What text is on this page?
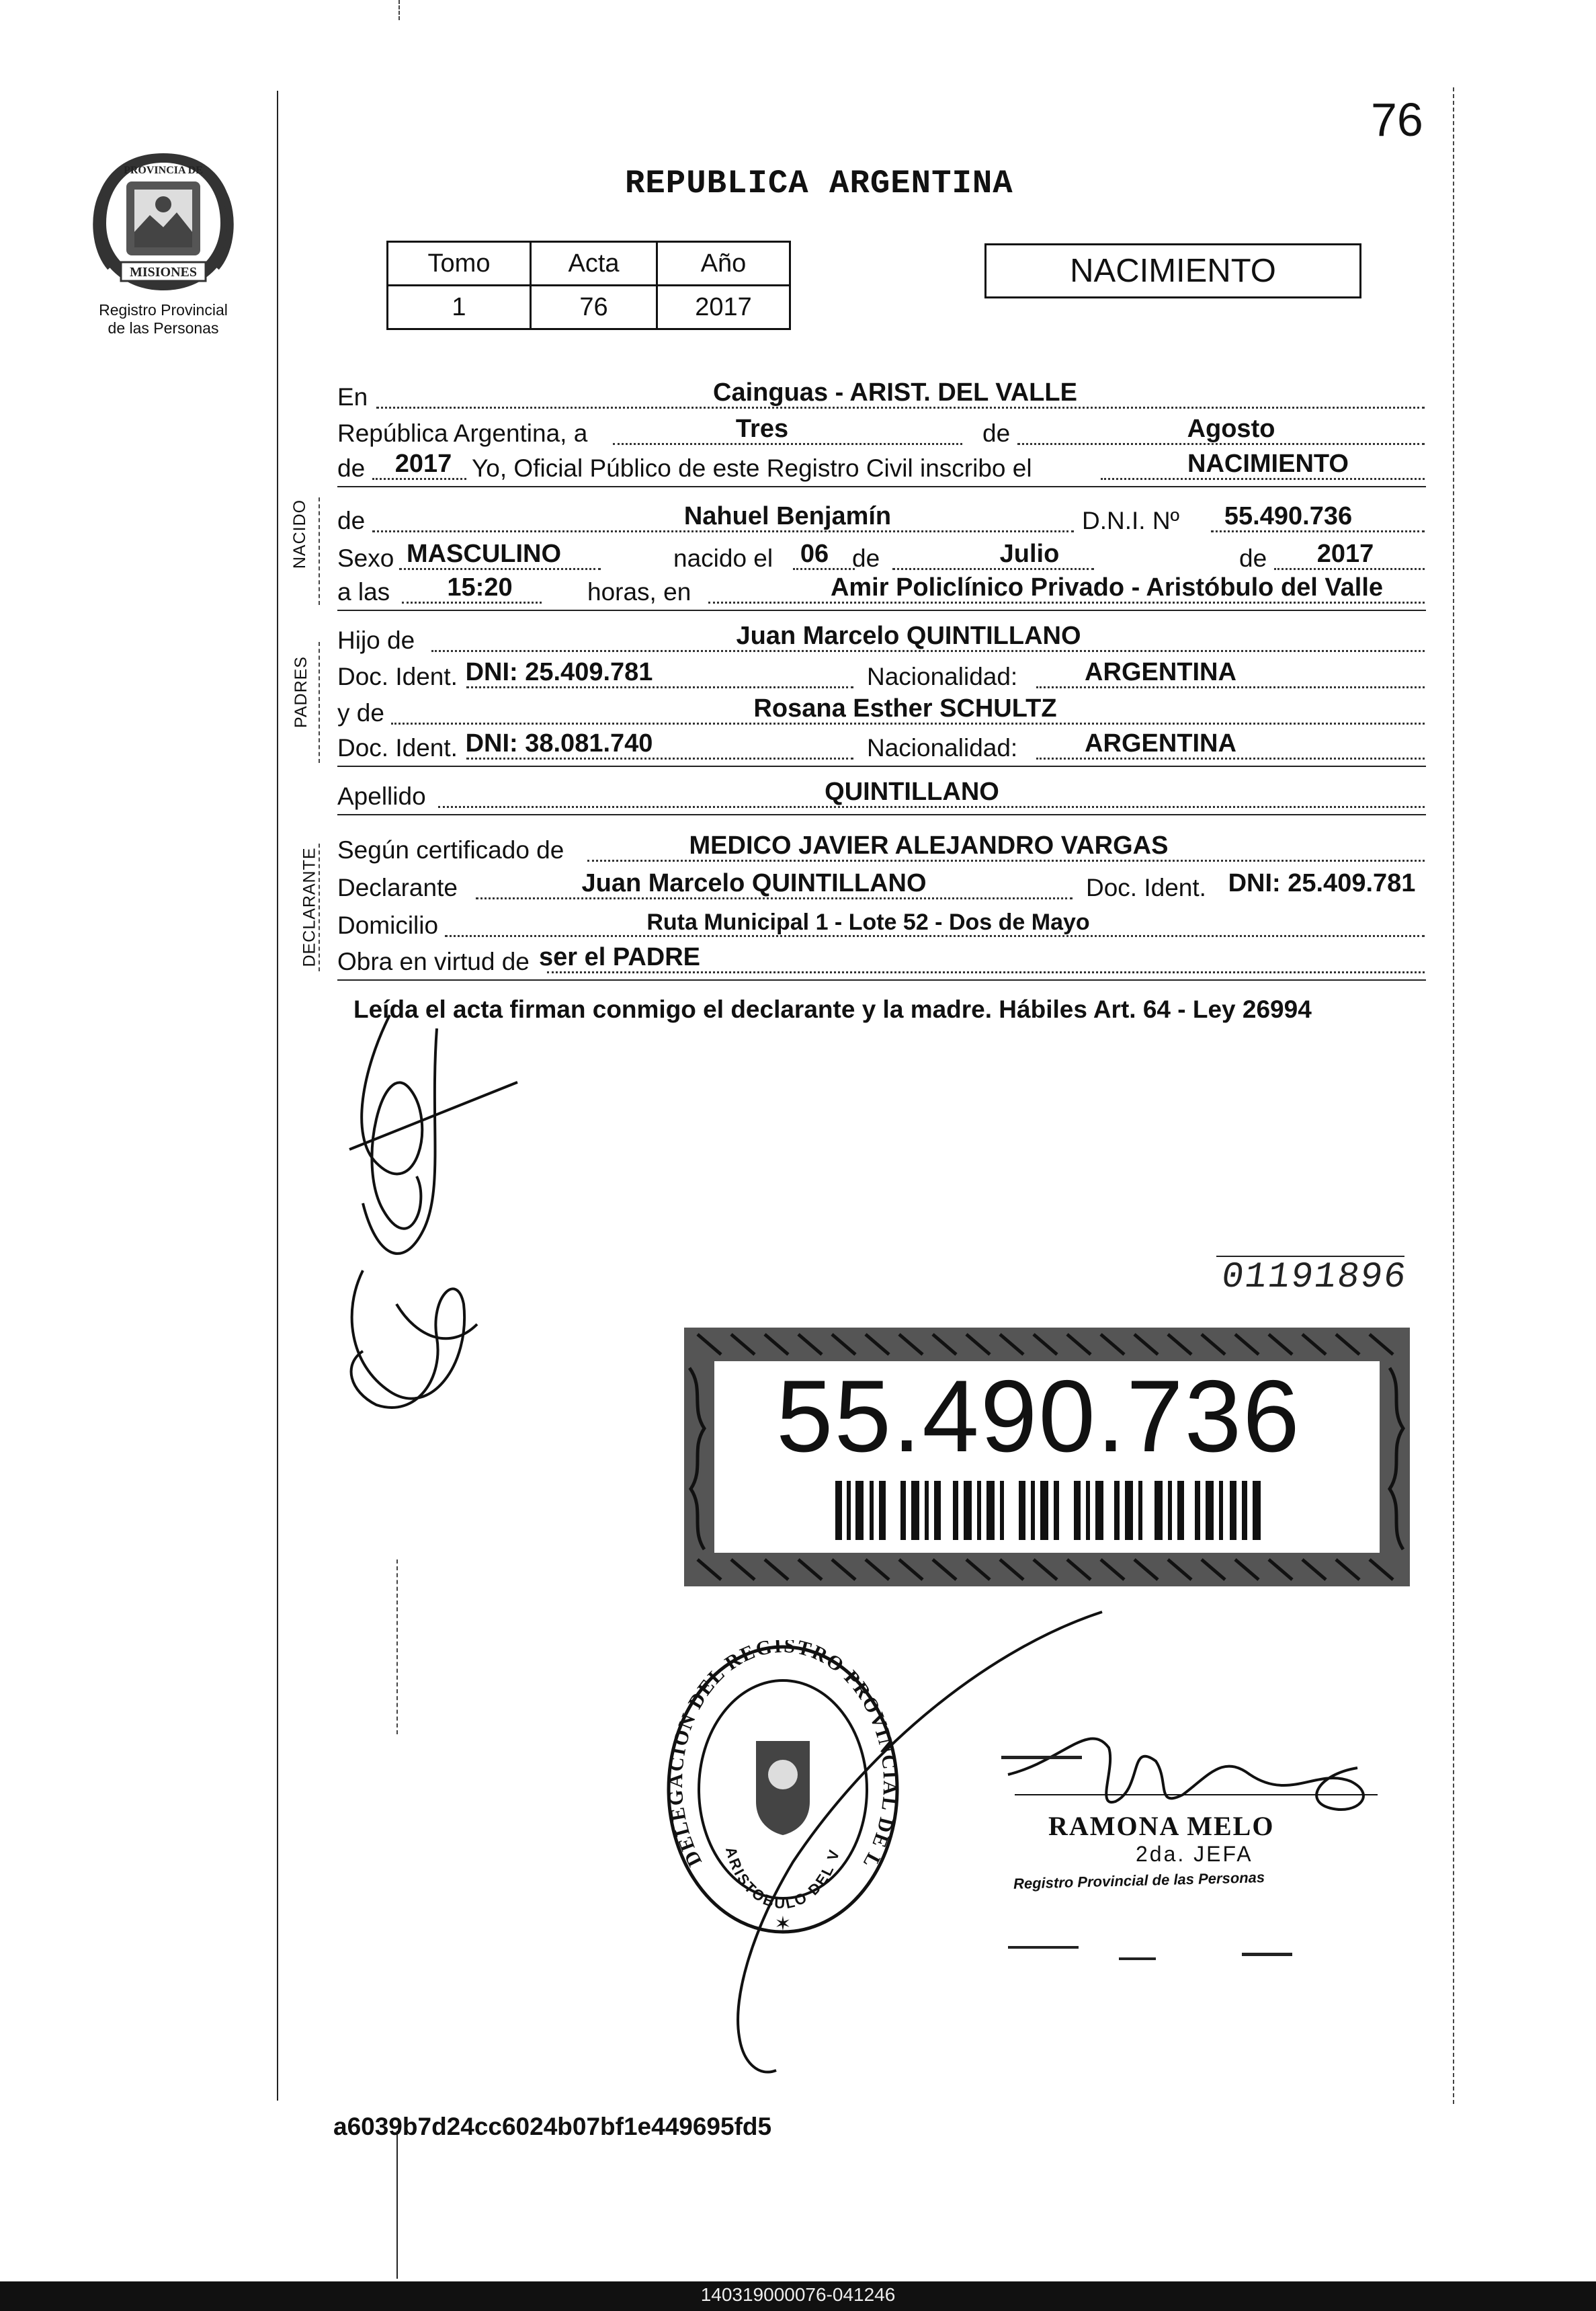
76
PROVINCIA DE
MISIONES
Registro Provincial
de las Personas
REPUBLICA ARGENTINA
Tomo	Acta	Año
1	76	2017
NACIMIENTO
NACIDO
PADRES
DECLARANTE
En	Cainguas - ARIST. DEL VALLE
República Argentina, a	Tres	de	Agosto
de 2017 Yo, Oficial Público de este Registro Civil inscribo el	NACIMIENTO
de	Nahuel Benjamín	D.N.I. Nº 55.490.736
Sexo MASCULINO	nacido el 06 de	Julio	de 2017
a las 15:20	horas, en	Amir Policlínico Privado - Aristóbulo del Valle
Hijo de	Juan Marcelo QUINTILLANO
Doc. Ident. DNI: 25.409.781	Nacionalidad:	ARGENTINA
y de	Rosana Esther SCHULTZ
Doc. Ident. DNI: 38.081.740	Nacionalidad:	ARGENTINA
Apellido	QUINTILLANO
Según certificado de	MEDICO JAVIER ALEJANDRO VARGAS
Declarante	Juan Marcelo QUINTILLANO	Doc. Ident. DNI: 25.409.781
Domicilio	Ruta Municipal 1 - Lote 52 - Dos de Mayo
Obra en virtud de ser el PADRE
Leída el acta firman conmigo el declarante y la madre. Hábiles Art. 64 - Ley 26994
01191896
55.490.736
DELEGACION DEL REGISTRO PROVINCIAL DE L
ARISTOBULO DEL V
✶
RAMONA MELO
2da. JEFA
Registro Provincial de las Personas
a6039b7d24cc6024b07bf1e449695fd5
140319000076-041246
